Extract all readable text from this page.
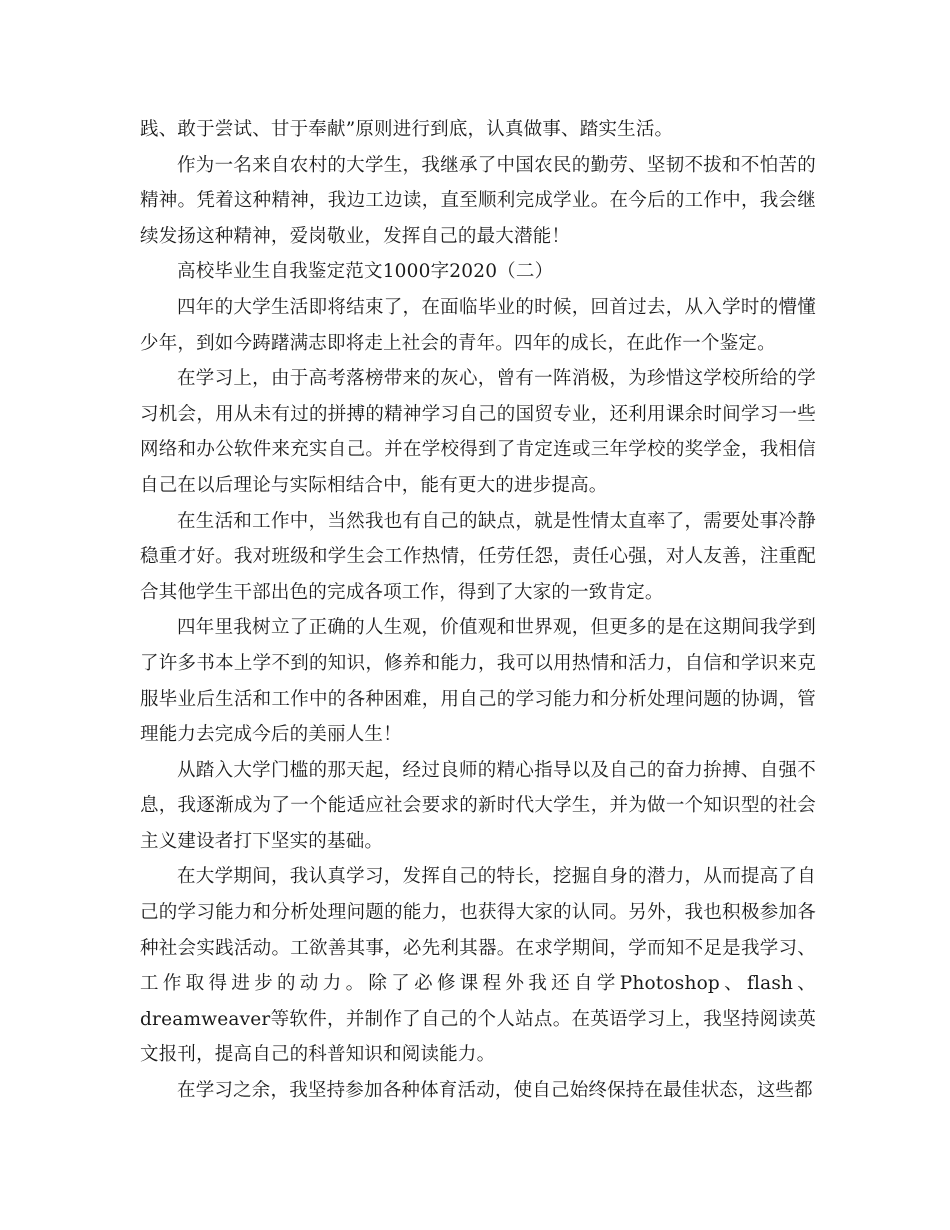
践、敢于尝试、甘于奉献”原则进行到底，认真做事、踏实生活。

作为一名来自农村的大学生，我继承了中国农民的勤劳、坚韧不拔和不怕苦的精神。凭着这种精神，我边工边读，直至顺利完成学业。在今后的工作中，我会继续发扬这种精神，爱岗敬业，发挥自己的最大潜能！

高校毕业生自我鉴定范文1000字2020（二）

四年的大学生活即将结束了，在面临毕业的时候，回首过去，从入学时的懵懂少年，到如今踌躇满志即将走上社会的青年。四年的成长，在此作一个鉴定。

在学习上，由于高考落榜带来的灰心，曾有一阵消极，为珍惜这学校所给的学习机会，用从未有过的拼搏的精神学习自己的国贸专业，还利用课余时间学习一些网络和办公软件来充实自己。并在学校得到了肯定连或三年学校的奖学金，我相信自己在以后理论与实际相结合中，能有更大的进步提高。

在生活和工作中，当然我也有自己的缺点，就是性情太直率了，需要处事冷静稳重才好。我对班级和学生会工作热情，任劳任怨，责任心强，对人友善，注重配合其他学生干部出色的完成各项工作，得到了大家的一致肯定。

四年里我树立了正确的人生观，价值观和世界观，但更多的是在这期间我学到了许多书本上学不到的知识，修养和能力，我可以用热情和活力，自信和学识来克服毕业后生活和工作中的各种困难，用自己的学习能力和分析处理问题的协调，管理能力去完成今后的美丽人生！

从踏入大学门槛的那天起，经过良师的精心指导以及自己的奋力拚搏、自强不息，我逐渐成为了一个能适应社会要求的新时代大学生，并为做一个知识型的社会主义建设者打下坚实的基础。

在大学期间，我认真学习，发挥自己的特长，挖掘自身的潜力，从而提高了自己的学习能力和分析处理问题的能力，也获得大家的认同。另外，我也积极参加各种社会实践活动。工欲善其事，必先利其器。在求学期间，学而知不足是我学习、工作取得进步的动力。除了必修课程外我还自学Photoshop、flash、dreamweaver等软件，并制作了自己的个人站点。在英语学习上，我坚持阅读英文报刊，提高自己的科普知识和阅读能力。

在学习之余，我坚持参加各种体育活动，使自己始终保持在最佳状态，这些都
